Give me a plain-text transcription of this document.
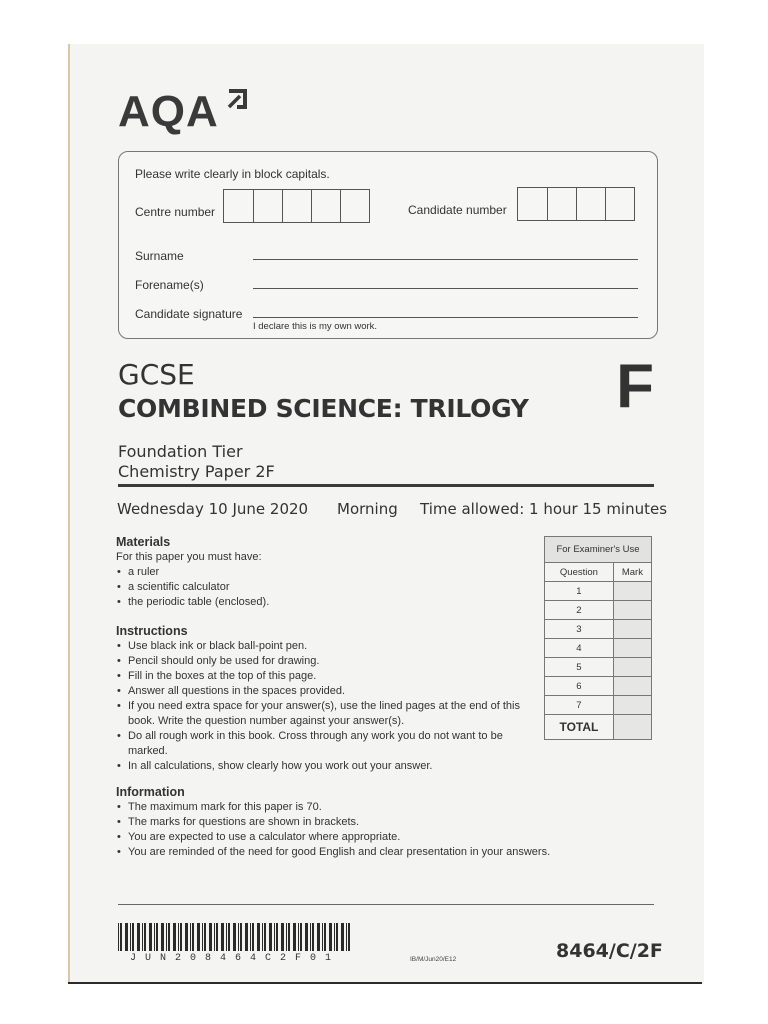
AQA
Please write clearly in block capitals.
Centre number	Candidate number
Surname
Forename(s)
Candidate signature
I declare this is my own work.
GCSE
COMBINED SCIENCE: TRILOGY F
Foundation Tier
Chemistry Paper 2F
Wednesday 10 June 2020 Morning Time allowed: 1 hour 15 minutes
Materials
For this paper you must have:
• a ruler
• a scientific calculator
• the periodic table (enclosed).
Instructions
• Use black ink or black ball-point pen.
• Pencil should only be used for drawing.
• Fill in the boxes at the top of this page.
• Answer all questions in the spaces provided.
• If you need extra space for your answer(s), use the lined pages at the end of this book. Write the question number against your answer(s).
• Do all rough work in this book. Cross through any work you do not want to be marked.
• In all calculations, show clearly how you work out your answer.
Information
• The maximum mark for this paper is 70.
• The marks for questions are shown in brackets.
• You are expected to use a calculator where appropriate.
• You are reminded of the need for good English and clear presentation in your answers.
For Examiner's Use	
Question	Mark
1	
2	
3	
4	
5	
6	
7	
TOTAL	
JUN208464C2F01	IB/M/Jun20/E12	8464/C/2F
